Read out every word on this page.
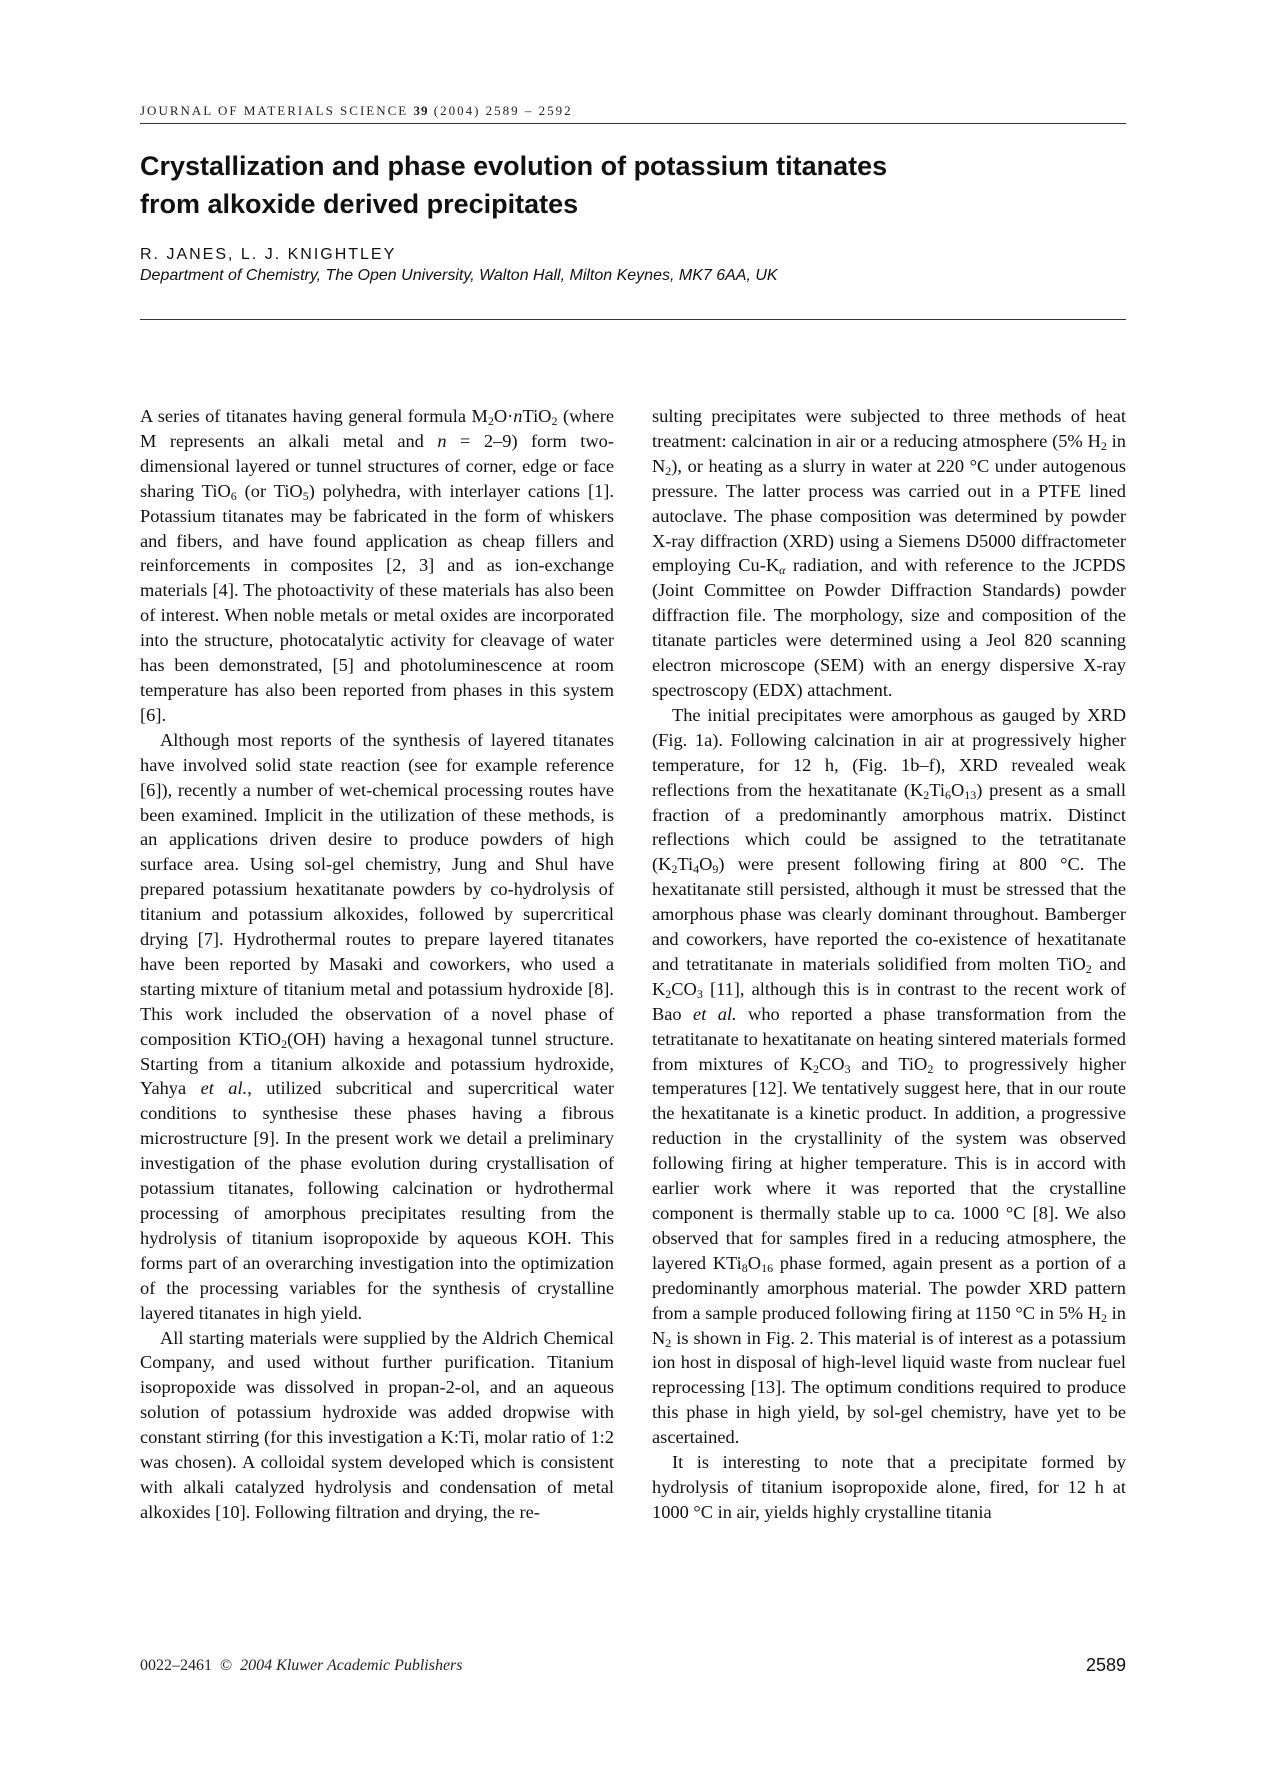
JOURNAL OF MATERIALS SCIENCE 39 (2004) 2589 – 2592
Crystallization and phase evolution of potassium titanates
from alkoxide derived precipitates
R. JANES, L. J. KNIGHTLEY
Department of Chemistry, The Open University, Walton Hall, Milton Keynes, MK7 6AA, UK

A series of titanates having general formula $M_2O\cdot nTiO_2$ (where M represents an alkali metal and n = 2–9) form two-dimensional layered or tunnel structures of corner, edge or face sharing TiO$_6$ (or TiO$_5$) polyhedra, with interlayer cations [1]. Potassium titanates may be fabricated in the form of whiskers and fibers, and have found application as cheap fillers and reinforcements in composites [2, 3] and as ion-exchange materials [4]. The photoactivity of these materials has also been of interest. When noble metals or metal oxides are incorporated into the structure, photocatalytic activity for cleavage of water has been demonstrated, [5] and photoluminescence at room temperature has also been reported from phases in this system [6].

Although most reports of the synthesis of layered titanates have involved solid state reaction (see for example reference [6]), recently a number of wet-chemical processing routes have been examined. Implicit in the utilization of these methods, is an applications driven desire to produce powders of high surface area. Using sol-gel chemistry, Jung and Shul have prepared potassium hexatitanate powders by co-hydrolysis of titanium and potassium alkoxides, followed by supercritical drying [7]. Hydrothermal routes to prepare layered titanates have been reported by Masaki and coworkers, who used a starting mixture of titanium metal and potassium hydroxide [8]. This work included the observation of a novel phase of composition KTiO$_2$(OH) having a hexagonal tunnel structure. Starting from a titanium alkoxide and potassium hydroxide, Yahya et al., utilized subcritical and supercritical water conditions to synthesise these phases having a fibrous microstructure [9]. In the present work we detail a preliminary investigation of the phase evolution during crystallisation of potassium titanates, following calcination or hydrothermal processing of amorphous precipitates resulting from the hydrolysis of titanium isopropoxide by aqueous KOH. This forms part of an overarching investigation into the optimization of the processing variables for the synthesis of crystalline layered titanates in high yield.

All starting materials were supplied by the Aldrich Chemical Company, and used without further purification. Titanium isopropoxide was dissolved in propan-2-ol, and an aqueous solution of potassium hydroxide was added dropwise with constant stirring (for this investigation a K:Ti, molar ratio of 1:2 was chosen). A colloidal system developed which is consistent with alkali catalyzed hydrolysis and condensation of metal alkoxides [10]. Following filtration and drying, the re-

sulting precipitates were subjected to three methods of heat treatment: calcination in air or a reducing atmosphere (5% $H_2$ in $N_2$), or heating as a slurry in water at 220 °C under autogenous pressure. The latter process was carried out in a PTFE lined autoclave. The phase composition was determined by powder X-ray diffraction (XRD) using a Siemens D5000 diffractometer employing $Cu-K_\alpha$ radiation, and with reference to the JCPDS (Joint Committee on Powder Diffraction Standards) powder diffraction file. The morphology, size and composition of the titanate particles were determined using a Jeol 820 scanning electron microscope (SEM) with an energy dispersive X-ray spectroscopy (EDX) attachment.

The initial precipitates were amorphous as gauged by XRD (Fig. 1a). Following calcination in air at progressively higher temperature, for 12 h, (Fig. 1b–f), XRD revealed weak reflections from the hexatitanate $(K_2Ti_6O_{13})$ present as a small fraction of a predominantly amorphous matrix. Distinct reflections which could be assigned to the tetratitanate $(K_2Ti_4O_9)$ were present following firing at 800 °C. The hexatitanate still persisted, although it must be stressed that the amorphous phase was clearly dominant throughout. Bamberger and coworkers, have reported the co-existence of hexatitanate and tetratitanate in materials solidified from molten TiO$_2$ and $K_2CO_3$ [11], although this is in contrast to the recent work of Bao et al. who reported a phase transformation from the tetratitanate to hexatitanate on heating sintered materials formed from mixtures of $K_2CO_3$ and TiO$_2$ to progressively higher temperatures [12]. We tentatively suggest here, that in our route the hexatitanate is a kinetic product. In addition, a progressive reduction in the crystallinity of the system was observed following firing at higher temperature. This is in accord with earlier work where it was reported that the crystalline component is thermally stable up to ca. 1000 °C [8]. We also observed that for samples fired in a reducing atmosphere, the layered $KTi_8O_{16}$ phase formed, again present as a portion of a predominantly amorphous material. The powder XRD pattern from a sample produced following firing at 1150 °C in 5% $H_2$ in $N_2$ is shown in Fig. 2. This material is of interest as a potassium ion host in disposal of high-level liquid waste from nuclear fuel reprocessing [13]. The optimum conditions required to produce this phase in high yield, by sol-gel chemistry, have yet to be ascertained.

It is interesting to note that a precipitate formed by hydrolysis of titanium isopropoxide alone, fired, for 12 h at 1000 °C in air, yields highly crystalline titania

0022–2461 © 2004 Kluwer Academic Publishers	2589
